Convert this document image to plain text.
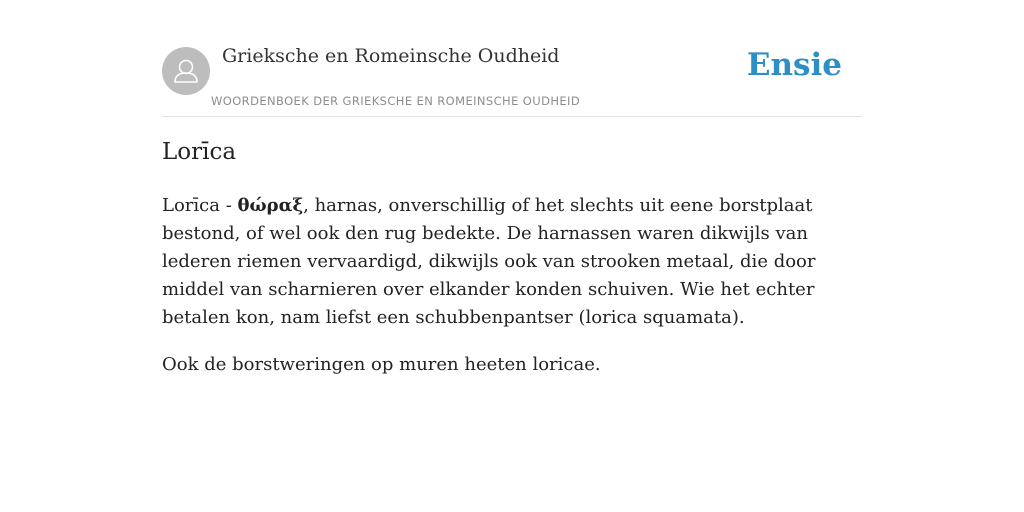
Grieksche en Romeinsche Oudheid
WOORDENBOEK DER GRIEKSCHE EN ROMEINSCHE OUDHEID
Ensie
Lorīca

Lorīca - θώραξ, harnas, onverschillig of het slechts uit eene borstplaat bestond, of wel ook den rug bedekte. De harnassen waren dikwijls van lederen riemen vervaardigd, dikwijls ook van strooken metaal, die door middel van scharnieren over elkander konden schuiven. Wie het echter betalen kon, nam liefst een schubbenpantser (lorica squamata).

Ook de borstweringen op muren heeten loricae.
